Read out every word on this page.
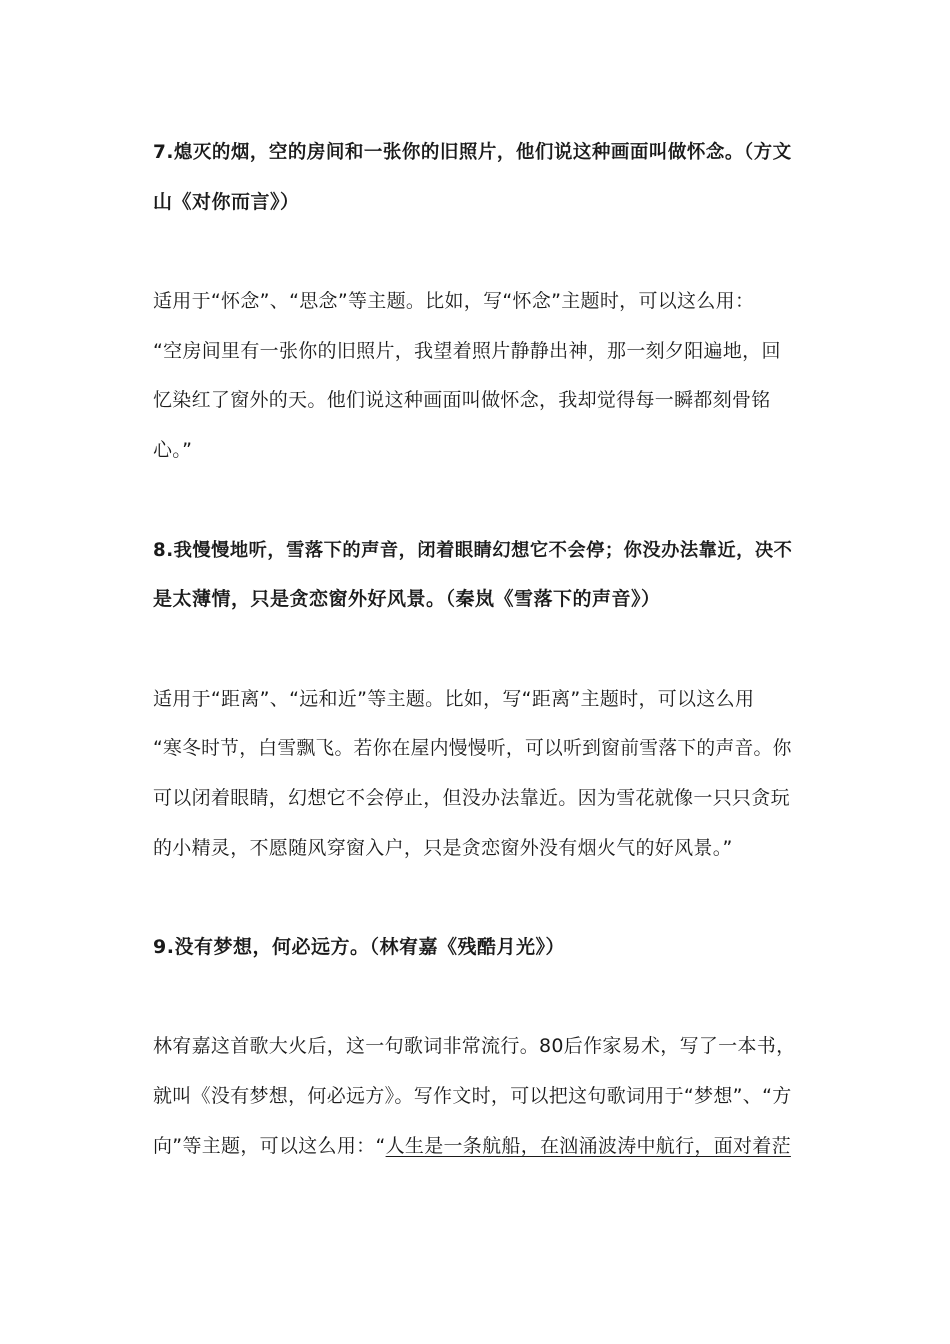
7.熄灭的烟，空的房间和一张你的旧照片，他们说这种画面叫做怀念。（方文
山《对你而言》）
适用于“怀念”、“思念”等主题。比如，写“怀念”主题时，可以这么用：
“空房间里有一张你的旧照片，我望着照片静静出神，那一刻夕阳遍地，回
忆染红了窗外的天。他们说这种画面叫做怀念，我却觉得每一瞬都刻骨铭
心。”
8.我慢慢地听，雪落下的声音，闭着眼睛幻想它不会停；你没办法靠近，决不
是太薄情，只是贪恋窗外好风景。（秦岚《雪落下的声音》）
适用于“距离”、“远和近”等主题。比如，写“距离”主题时，可以这么用
“寒冬时节，白雪飘飞。若你在屋内慢慢听，可以听到窗前雪落下的声音。你
可以闭着眼睛，幻想它不会停止，但没办法靠近。因为雪花就像一只只贪玩
的小精灵，不愿随风穿窗入户，只是贪恋窗外没有烟火气的好风景。”
9.没有梦想，何必远方。（林宥嘉《残酷月光》）
林宥嘉这首歌大火后，这一句歌词非常流行。80后作家易术，写了一本书，
就叫《没有梦想，何必远方》。写作文时，可以把这句歌词用于“梦想”、“方
向”等主题，可以这么用：“人生是一条航船，在汹涌波涛中航行，面对着茫
